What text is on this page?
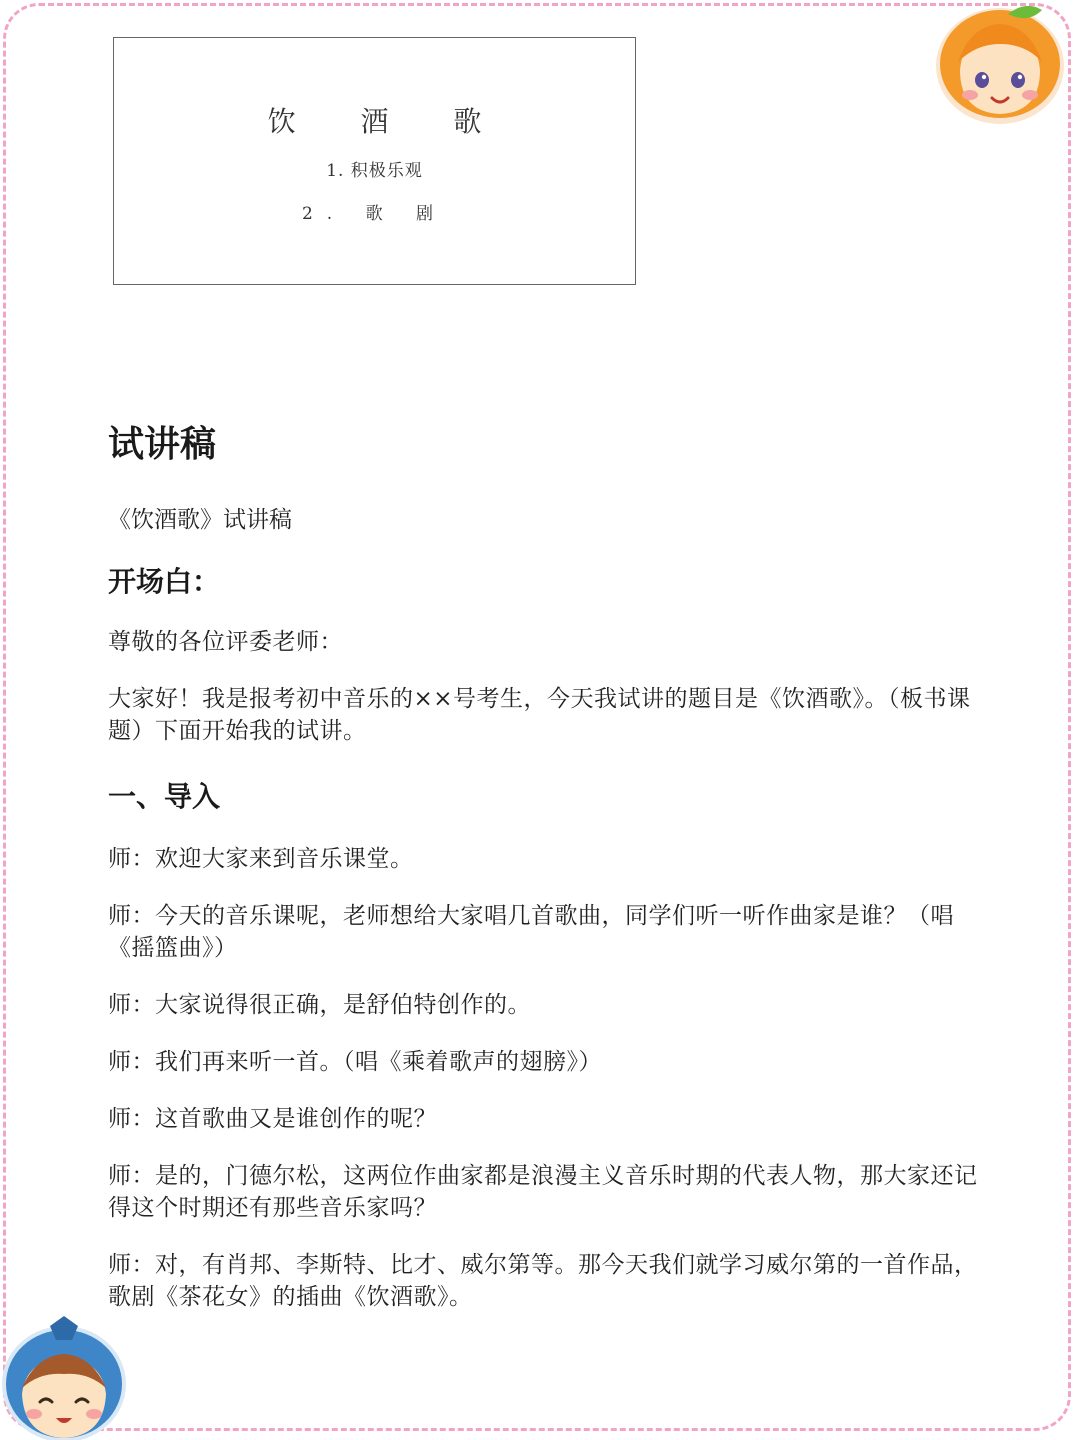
饮 酒 歌
1. 积极乐观
2. 歌 剧
试讲稿
《饮酒歌》试讲稿
开场白：
尊敬的各位评委老师：
大家好！我是报考初中音乐的××号考生，今天我试讲的题目是《饮酒歌》。（板书课题）下面开始我的试讲。
一、导入
师：欢迎大家来到音乐课堂。
师：今天的音乐课呢，老师想给大家唱几首歌曲，同学们听一听作曲家是谁？（唱《摇篮曲》）
师：大家说得很正确，是舒伯特创作的。
师：我们再来听一首。（唱《乘着歌声的翅膀》）
师：这首歌曲又是谁创作的呢？
师：是的，门德尔松，这两位作曲家都是浪漫主义音乐时期的代表人物，那大家还记得这个时期还有那些音乐家吗？
师：对，有肖邦、李斯特、比才、威尔第等。那今天我们就学习威尔第的一首作品，歌剧《茶花女》的插曲《饮酒歌》。
